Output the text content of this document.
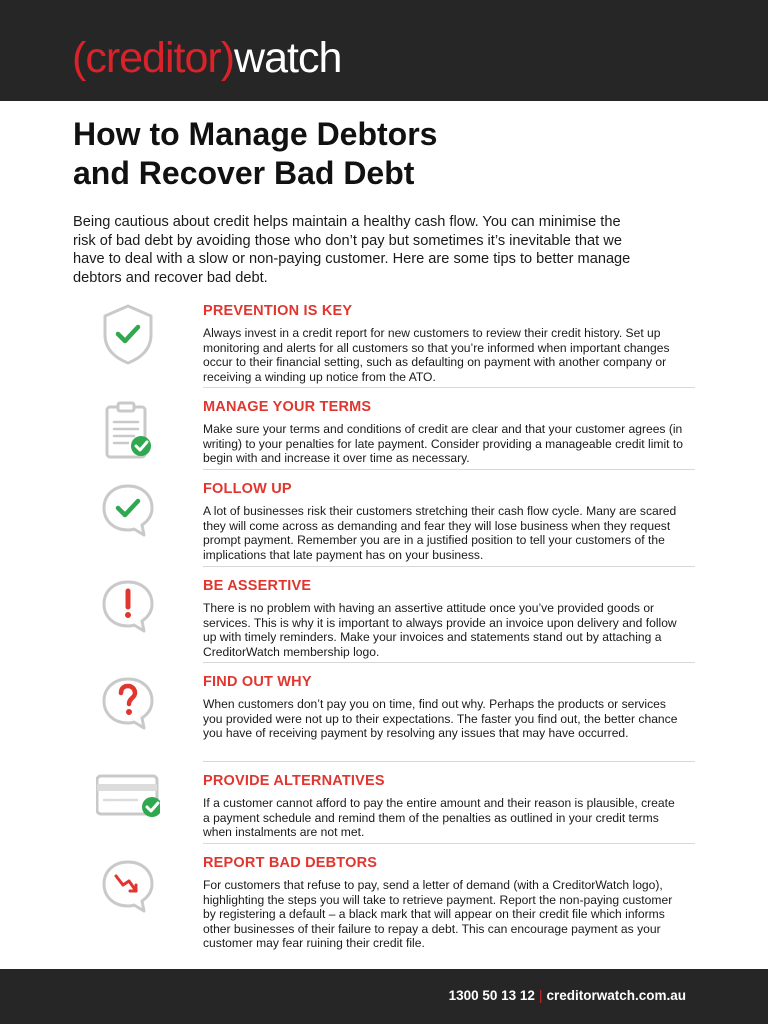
(creditor)watch
How to Manage Debtors
and Recover Bad Debt

Being cautious about credit helps maintain a healthy cash flow. You can minimise the risk of bad debt by avoiding those who don’t pay but sometimes it’s inevitable that we have to deal with a slow or non-paying customer. Here are some tips to better manage debtors and recover bad debt.

PREVENTION IS KEY

Always invest in a credit report for new customers to review their credit history. Set up monitoring and alerts for all customers so that you’re informed when important changes occur to their financial setting, such as defaulting on payment with another company or receiving a winding up notice from the ATO.

MANAGE YOUR TERMS

Make sure your terms and conditions of credit are clear and that your customer agrees (in writing) to your penalties for late payment. Consider providing a manageable credit limit to begin with and increase it over time as necessary.

FOLLOW UP

A lot of businesses risk their customers stretching their cash flow cycle. Many are scared they will come across as demanding and fear they will lose business when they request prompt payment. Remember you are in a justified position to tell your customers of the implications that late payment has on your business.

BE ASSERTIVE

There is no problem with having an assertive attitude once you’ve provided goods or services. This is why it is important to always provide an invoice upon delivery and follow up with timely reminders. Make your invoices and statements stand out by attaching a CreditorWatch membership logo.

FIND OUT WHY

When customers don’t pay you on time, find out why. Perhaps the products or services you provided were not up to their expectations. The faster you find out, the better chance you have of receiving payment by resolving any issues that may have occurred.

PROVIDE ALTERNATIVES

If a customer cannot afford to pay the entire amount and their reason is plausible, create a payment schedule and remind them of the penalties as outlined in your credit terms when instalments are not met.

REPORT BAD DEBTORS

For customers that refuse to pay, send a letter of demand (with a CreditorWatch logo), highlighting the steps you will take to retrieve payment. Report the non-paying customer by registering a default – a black mark that will appear on their credit file which informs other businesses of their failure to repay a debt. This can encourage payment as your customer may fear ruining their credit file.

1300 50 13 12 | creditorwatch.com.au
